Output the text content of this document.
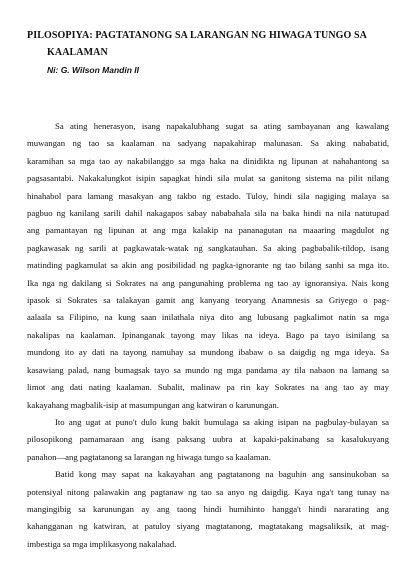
PILOSOPIYA: PAGTATANONG SA LARANGAN NG HIWAGA TUNGO SA
KAALAMAN
Ni: G. Wilson Mandin II
Sa ating henerasyon, isang napakalubhang sugat sa ating sambayanan ang kawalang
muwangan ng tao sa kaalaman na sadyang napakahirap malunasan. Sa aking nababatid,
karamihan sa mga tao ay nakabilanggo sa mga haka na dinidikta ng lipunan at nahahantong sa
pagsasantabi. Nakakalungkot isipin sapagkat hindi sila mulat sa ganitong sistema na pilit nilang
hinahabol para lamang masakyan ang takbo ng estado. Tuloy, hindi sila nagiging malaya sa
pagbuo ng kanilang sarili dahil nakagapos sabay nababahala sila na baka hindi na nila natutupad
ang pamantayan ng lipunan at ang mga kalakip na pananagutan na maaaring magdulot ng
pagkawasak ng sarili at pagkawatak-watak ng sangkatauhan. Sa aking pagbabalik-tildop, isang
matinding pagkamulat sa akin ang posibilidad ng pagka-ignorante ng tao bilang sanhi sa mga ito.
Ika nga ng dakilang si Sokrates na ang pangunahing problema ng tao ay ignoransiya. Nais kong
ipasok si Sokrates sa talakayan gamit ang kanyang teoryang Anamnesis sa Griyego o pag-
aalaala sa Filipino, na kung saan inilathala niya dito ang lubusang pagkalimot natin sa mga
nakalipas na kaalaman. Ipinanganak tayong may likas na ideya. Bago pa tayo isinilang sa
mundong ito ay dati na tayong namuhay sa mundong ibabaw o sa daigdig ng mga ideya. Sa
kasawiang palad, nang bumagsak tayo sa mundo ng mga pandama ay tila nabaon na lamang sa
limot ang dati nating kaalaman. Subalit, malinaw pa rin kay Sokrates na ang tao ay may
kakayahang magbalik-isip at masumpungan ang katwiran o karunungan.
Ito ang ugat at puno't dulo kung bakit bumulaga sa aking isipan na pagbulay-bulayan sa
pilosopikong pamamaraan ang isang paksang uubra at kapaki-pakinabang sa kasalukuyang
panahon—ang pagtatanong sa larangan ng hiwaga tungo sa kaalaman.
Batid kong may sapat na kakayahan ang pagtatanong na baguhin ang sansinukoban sa
potensiyal nitong palawakin ang pagtanaw ng tao sa anyo ng daigdig. Kaya nga't tang tunay na
mangingibig sa karunungan ay ang taong hindi humihinto hangga't hindi nararating ang
kahangganan ng katwiran, at patuloy siyang magtatanong, magtatakang magsaliksik, at mag-
imbestiga sa mga implikasyong nakalahad.
